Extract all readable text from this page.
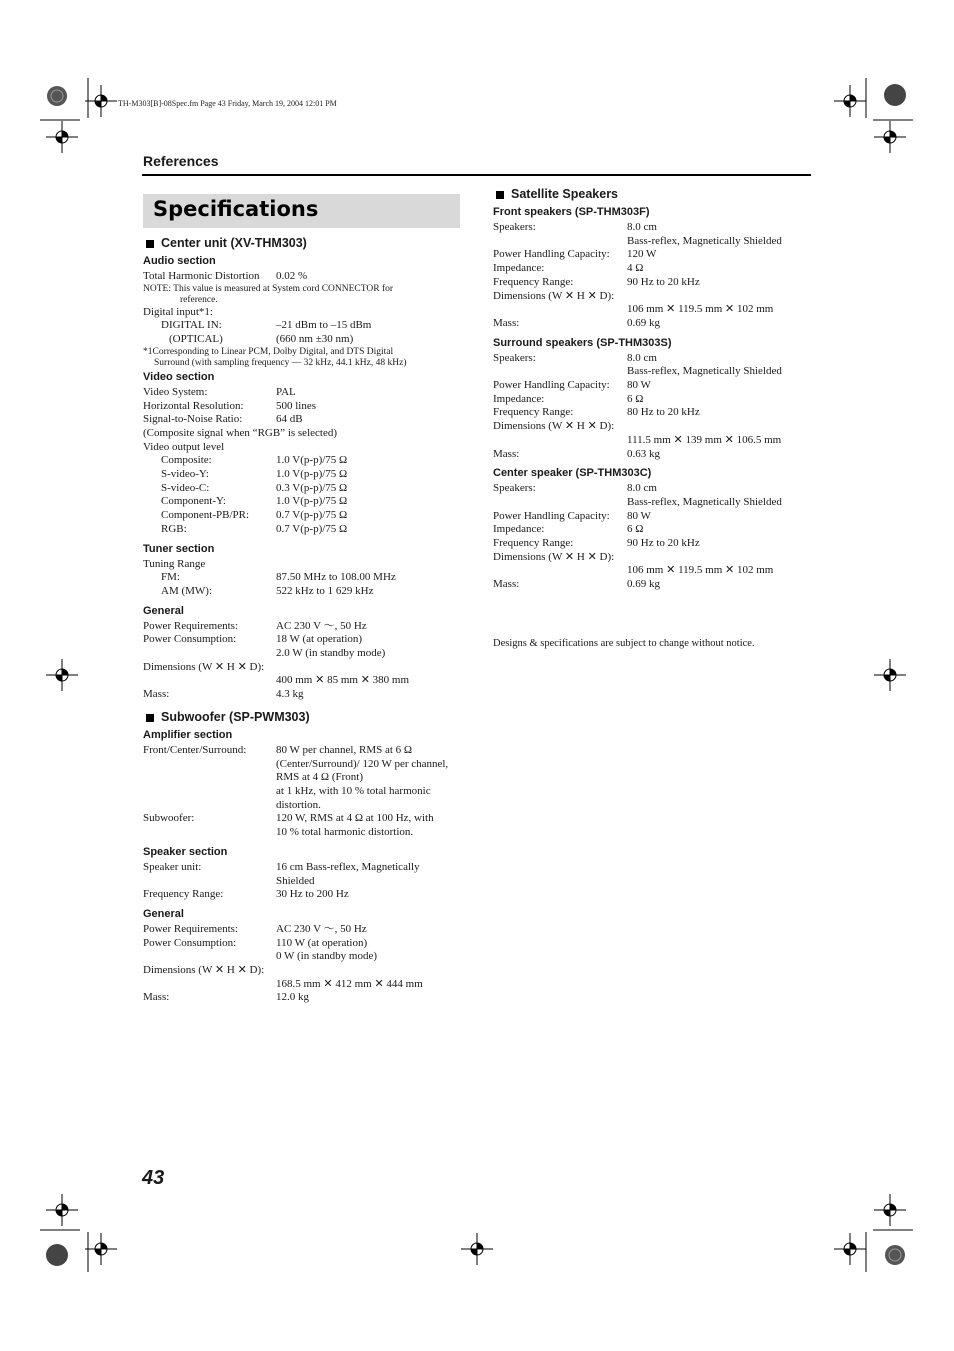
TH-M303[B]-08Spec.fm Page 43 Friday, March 19, 2004 12:01 PM
References
Specifications
Center unit (XV-THM303)
Audio section
Total Harmonic Distortion	0.02 %
NOTE: This value is measured at System cord CONNECTOR for
reference.
Digital input*1:
DIGITAL IN:	–21 dBm to –15 dBm
(OPTICAL)	(660 nm ±30 nm)
*1Corresponding to Linear PCM, Dolby Digital, and DTS Digital
Surround (with sampling frequency — 32 kHz, 44.1 kHz, 48 kHz)
Video section
Video System:	PAL
Horizontal Resolution:	500 lines
Signal-to-Noise Ratio:	64 dB
(Composite signal when “RGB” is selected)
Video output level
Composite:	1.0 V(p-p)/75 Ω
S-video-Y:	1.0 V(p-p)/75 Ω
S-video-C:	0.3 V(p-p)/75 Ω
Component-Y:	1.0 V(p-p)/75 Ω
Component-PB/PR:	0.7 V(p-p)/75 Ω
RGB:	0.7 V(p-p)/75 Ω
Tuner section
Tuning Range
FM:	87.50 MHz to 108.00 MHz
AM (MW):	522 kHz to 1 629 kHz
General
Power Requirements:	AC 230 V ～, 50 Hz
Power Consumption:	18 W (at operation)
2.0 W (in standby mode)
Dimensions (W ✕ H ✕ D):
400 mm ✕ 85 mm ✕ 380 mm
Mass:	4.3 kg
Subwoofer (SP-PWM303)
Amplifier section
Front/Center/Surround:	80 W per channel, RMS at 6 Ω
(Center/Surround)/ 120 W per channel,
RMS at 4 Ω (Front)
at 1 kHz, with 10 % total harmonic
distortion.
Subwoofer:	120 W, RMS at 4 Ω at 100 Hz, with
10 % total harmonic distortion.
Speaker section
Speaker unit:	16 cm Bass-reflex, Magnetically
Shielded
Frequency Range:	30 Hz to 200 Hz
General
Power Requirements:	AC 230 V ～, 50 Hz
Power Consumption:	110 W (at operation)
0 W (in standby mode)
Dimensions (W ✕ H ✕ D):
168.5 mm ✕ 412 mm ✕ 444 mm
Mass:	12.0 kg
Satellite Speakers
Front speakers (SP-THM303F)
Speakers:	8.0 cm
Bass-reflex, Magnetically Shielded
Power Handling Capacity:	120 W
Impedance:	4 Ω
Frequency Range:	90 Hz to 20 kHz
Dimensions (W ✕ H ✕ D):
106 mm ✕ 119.5 mm ✕ 102 mm
Mass:	0.69 kg
Surround speakers (SP-THM303S)
Speakers:	8.0 cm
Bass-reflex, Magnetically Shielded
Power Handling Capacity:	80 W
Impedance:	6 Ω
Frequency Range:	80 Hz to 20 kHz
Dimensions (W ✕ H ✕ D):
111.5 mm ✕ 139 mm ✕ 106.5 mm
Mass:	0.63 kg
Center speaker (SP-THM303C)
Speakers:	8.0 cm
Bass-reflex, Magnetically Shielded
Power Handling Capacity:	80 W
Impedance:	6 Ω
Frequency Range:	90 Hz to 20 kHz
Dimensions (W ✕ H ✕ D):
106 mm ✕ 119.5 mm ✕ 102 mm
Mass:	0.69 kg
Designs & specifications are subject to change without notice.
43
